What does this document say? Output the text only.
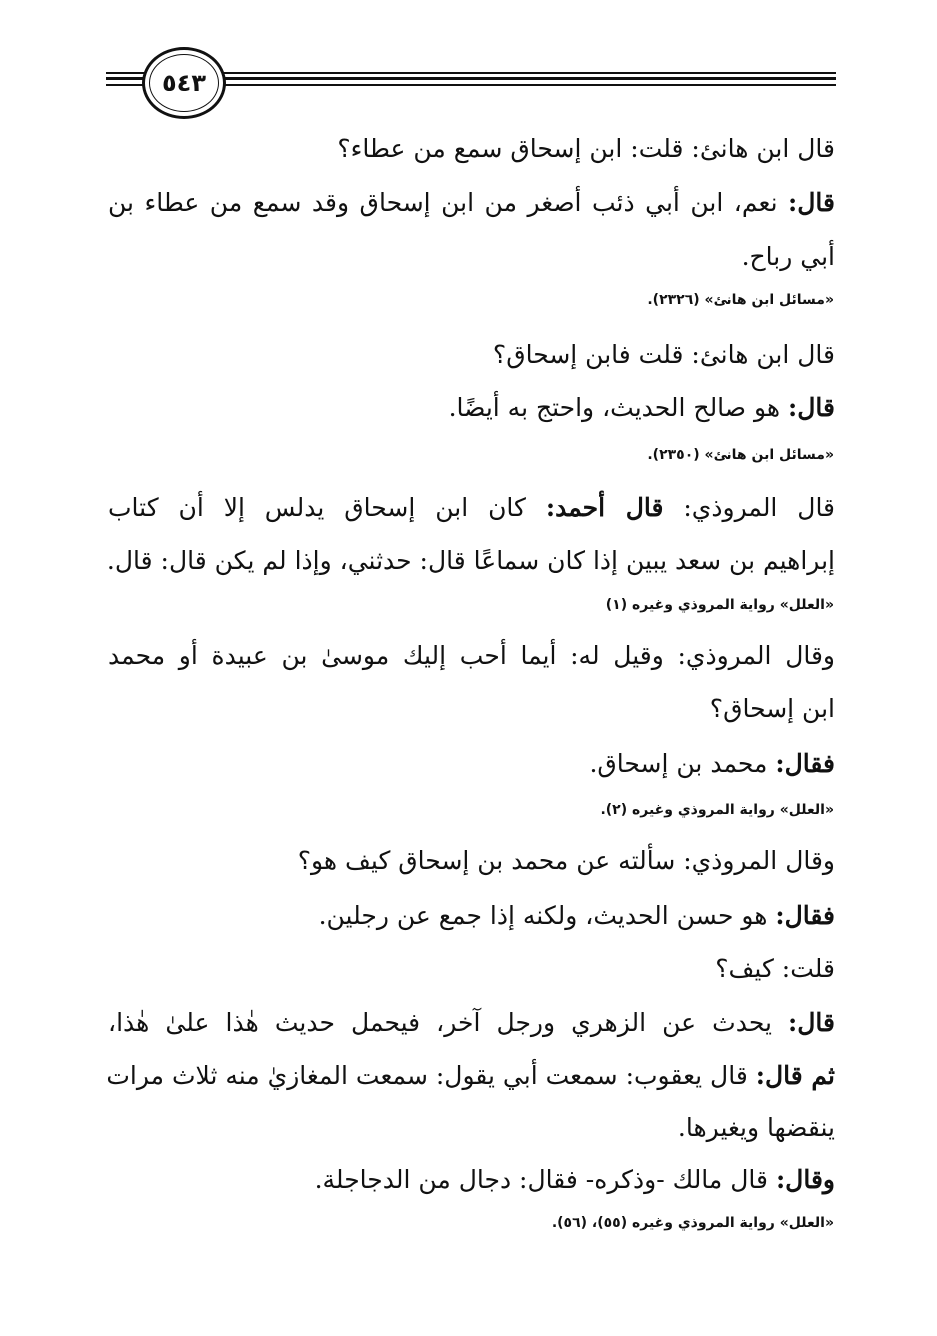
٥٤٣
قال ابن هانئ: قلت: ابن إسحاق سمع من عطاء؟
قال: نعم، ابن أبي ذئب أصغر من ابن إسحاق وقد سمع من عطاء بن
أبي رباح.
«مسائل ابن هانئ» (٢٣٢٦).
قال ابن هانئ: قلت فابن إسحاق؟
قال: هو صالح الحديث، واحتج به أيضًا.
«مسائل ابن هانئ» (٢٣٥٠).
قال المروذي: قال أحمد: كان ابن إسحاق يدلس إلا أن كتاب
إبراهيم بن سعد يبين إذا كان سماعًا قال: حدثني، وإذا لم يكن قال: قال.
«العلل» رواية المروذي وغيره (١)
وقال المروذي: وقيل له: أيما أحب إليك موسىٰ بن عبيدة أو محمد
ابن إسحاق؟
فقال: محمد بن إسحاق.
«العلل» رواية المروذي وغيره (٢).
وقال المروذي: سألته عن محمد بن إسحاق كيف هو؟
فقال: هو حسن الحديث، ولكنه إذا جمع عن رجلين.
قلت: كيف؟
قال: يحدث عن الزهري ورجل آخر، فيحمل حديث هٰذا علىٰ هٰذا،
ثم قال: قال يعقوب: سمعت أبي يقول: سمعت المغازيٰ منه ثلاث مرات
ينقضها ويغيرها.
وقال: قال مالك -وذكره- فقال: دجال من الدجاجلة.
«العلل» رواية المروذي وغيره (٥٥)، (٥٦).
